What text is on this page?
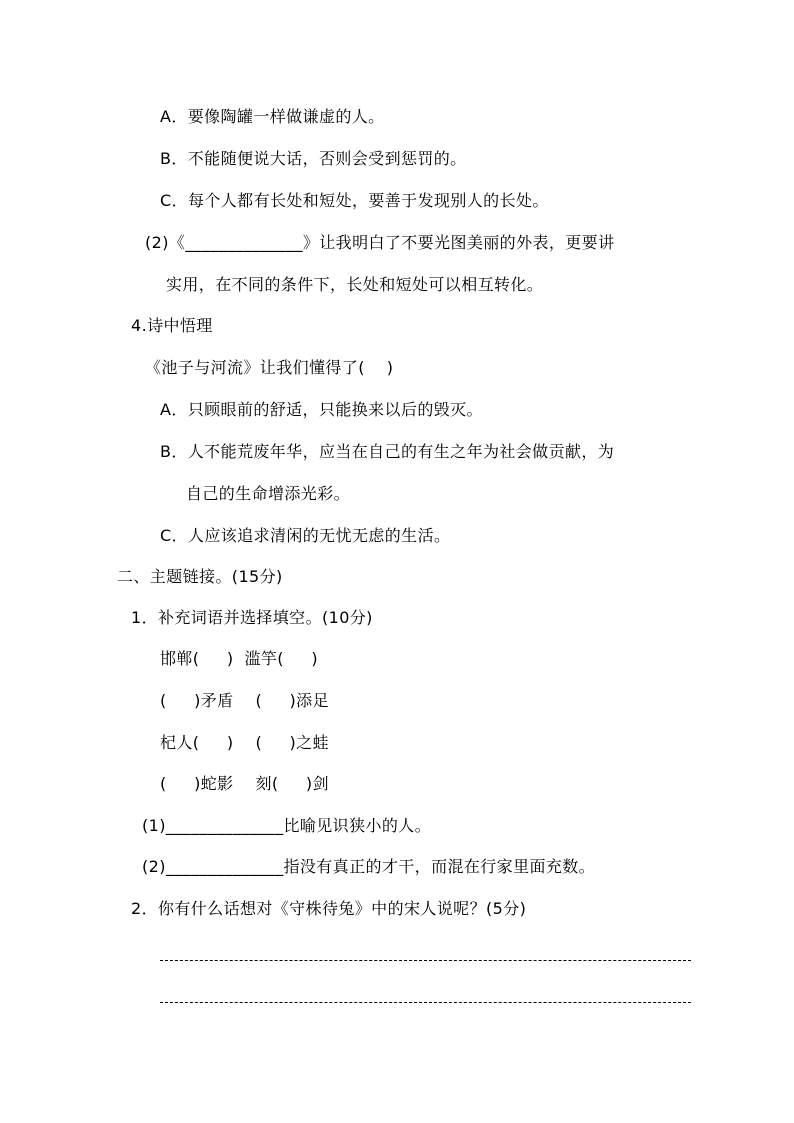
A．要像陶罐一样做谦虚的人。
B．不能随便说大话，否则会受到惩罚的。
C．每个人都有长处和短处，要善于发现别人的长处。
(2)《______________》让我明白了不要光图美丽的外表，更要讲
实用，在不同的条件下，长处和短处可以相互转化。
4.诗中悟理
《池子与河流》让我们懂得了(    )
A．只顾眼前的舒适，只能换来以后的毁灭。
B．人不能荒废年华，应当在自己的有生之年为社会做贡献，为
自己的生命增添光彩。
C．人应该追求清闲的无忧无虑的生活。
二、主题链接。(15分)
1．补充词语并选择填空。(10分)
邯郸(     )  滥竽(     )
(     )矛盾    (     )添足
杞人(     )    (     )之蛙
(     )蛇影    刻(     )剑
(1)______________比喻见识狭小的人。
(2)______________指没有真正的才干，而混在行家里面充数。
2．你有什么话想对《守株待兔》中的宋人说呢？(5分)
